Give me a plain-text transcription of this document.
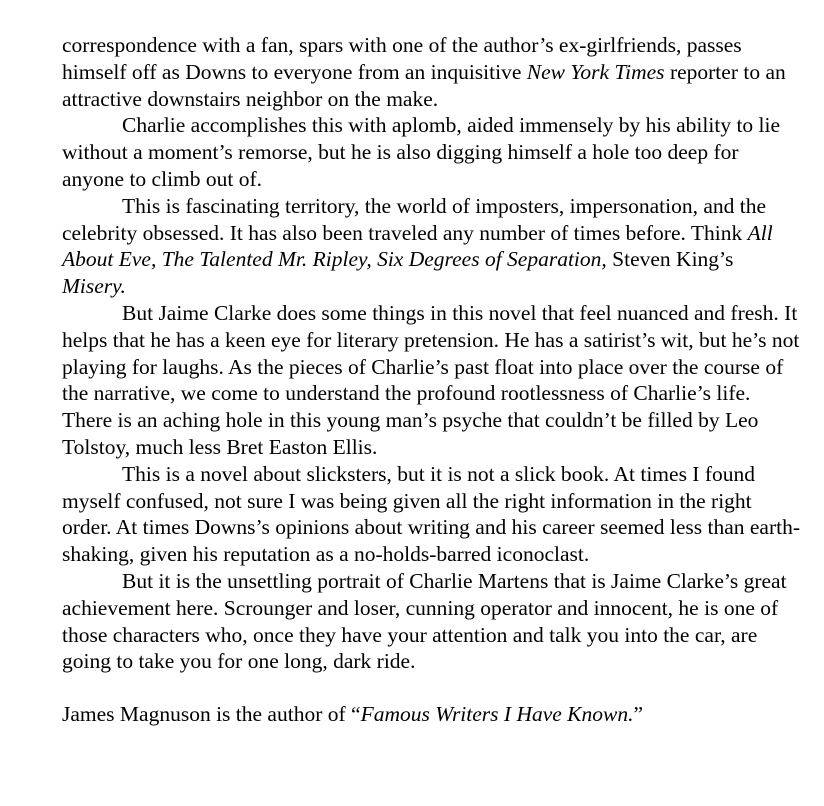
correspondence with a fan, spars with one of the author’s ex-girlfriends, passes himself off as Downs to everyone from an inquisitive New York Times reporter to an attractive downstairs neighbor on the make.

Charlie accomplishes this with aplomb, aided immensely by his ability to lie without a moment’s remorse, but he is also digging himself a hole too deep for anyone to climb out of.

This is fascinating territory, the world of imposters, impersonation, and the celebrity obsessed. It has also been traveled any number of times before. Think All About Eve, The Talented Mr. Ripley, Six Degrees of Separation, Steven King’s Misery.

But Jaime Clarke does some things in this novel that feel nuanced and fresh. It helps that he has a keen eye for literary pretension. He has a satirist’s wit, but he’s not playing for laughs. As the pieces of Charlie’s past float into place over the course of the narrative, we come to understand the profound rootlessness of Charlie’s life. There is an aching hole in this young man’s psyche that couldn’t be filled by Leo Tolstoy, much less Bret Easton Ellis.

This is a novel about slicksters, but it is not a slick book. At times I found myself confused, not sure I was being given all the right information in the right order. At times Downs’s opinions about writing and his career seemed less than earth-shaking, given his reputation as a no-holds-barred iconoclast.

But it is the unsettling portrait of Charlie Martens that is Jaime Clarke’s great achievement here. Scrounger and loser, cunning operator and innocent, he is one of those characters who, once they have your attention and talk you into the car, are going to take you for one long, dark ride.

James Magnuson is the author of “Famous Writers I Have Known.”
